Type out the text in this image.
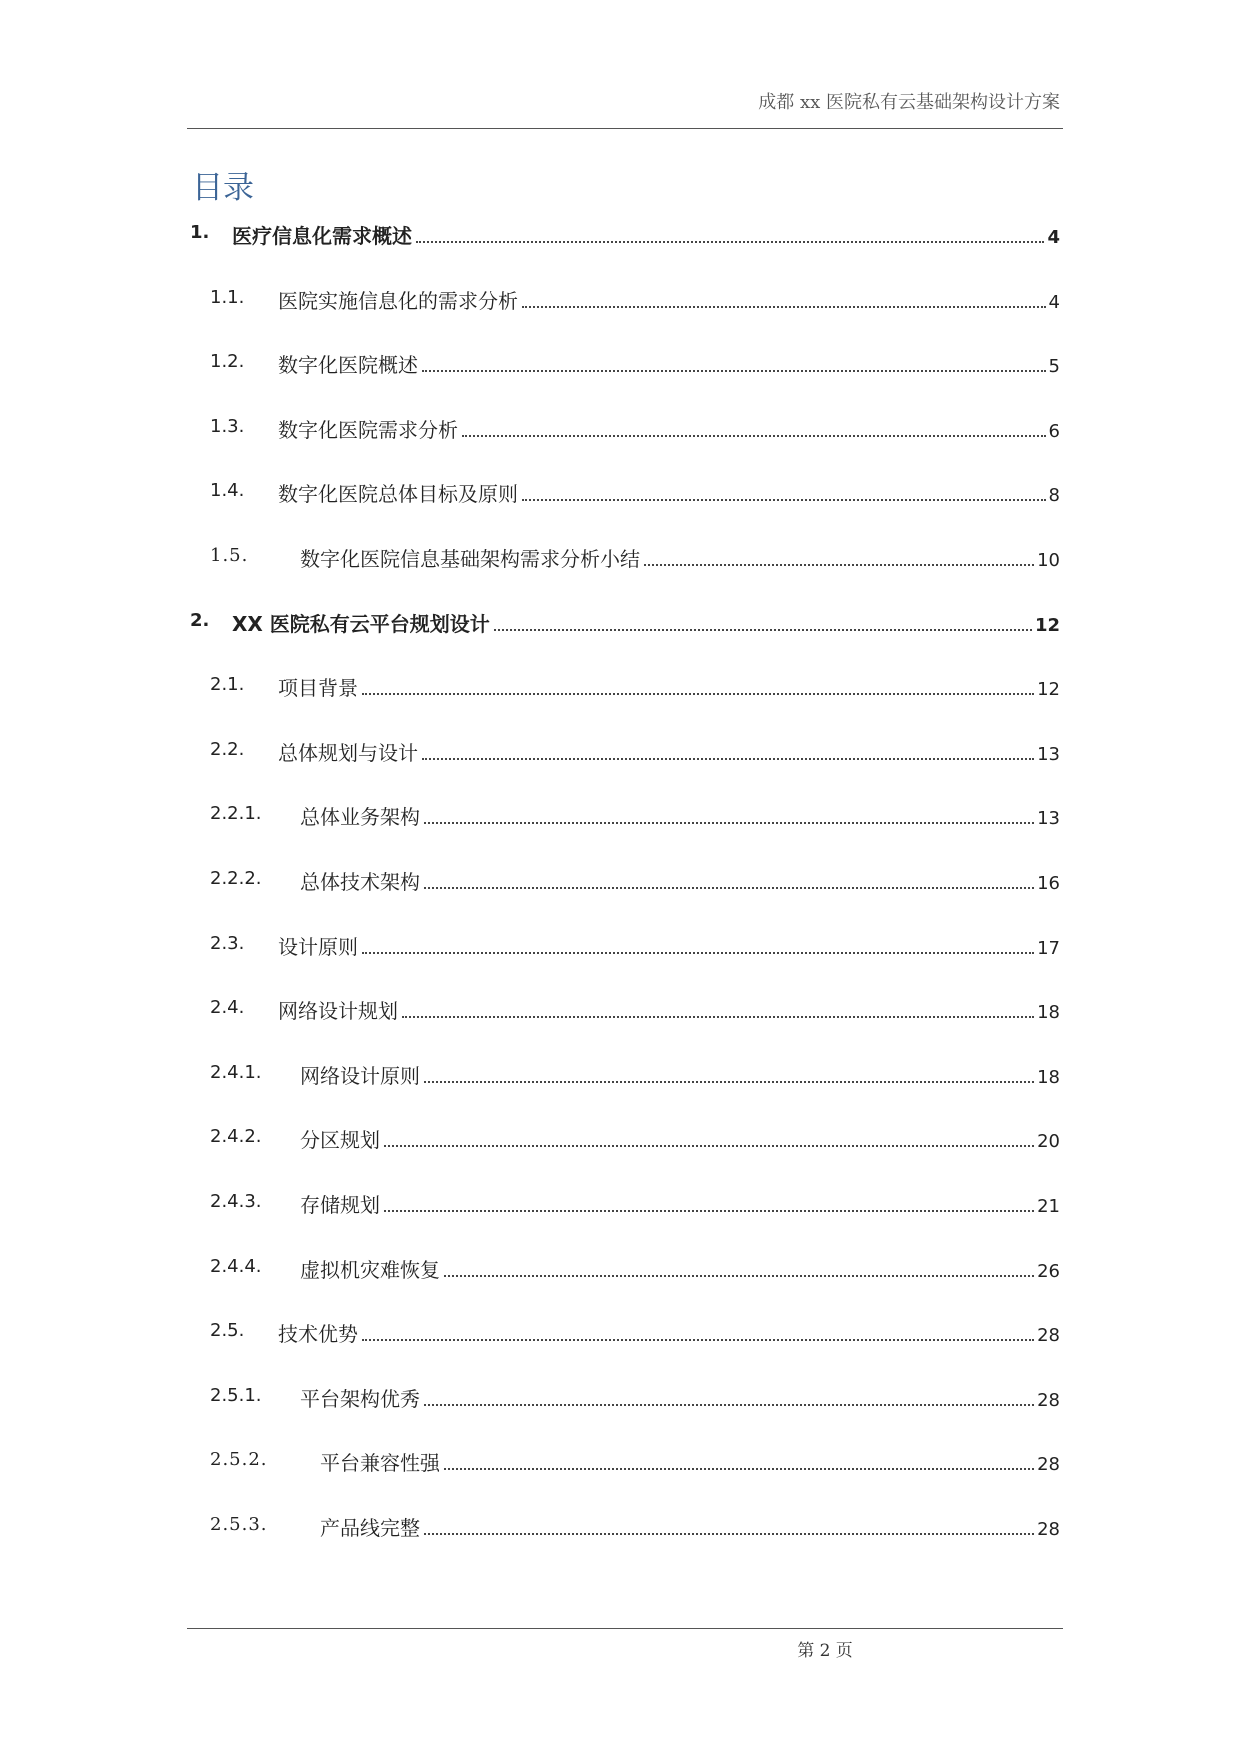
成都 xx 医院私有云基础架构设计方案
目录
1. 医疗信息化需求概述	4
1.1. 医院实施信息化的需求分析	4
1.2. 数字化医院概述	5
1.3. 数字化医院需求分析	6
1.4. 数字化医院总体目标及原则	8
1.5.	数字化医院信息基础架构需求分析小结	10
2. XX 医院私有云平台规划设计	12
2.1. 项目背景	12
2.2. 总体规划与设计	13
2.2.1. 总体业务架构	13
2.2.2. 总体技术架构	16
2.3. 设计原则	17
2.4. 网络设计规划	18
2.4.1. 网络设计原则	18
2.4.2. 分区规划	20
2.4.3. 存储规划	21
2.4.4. 虚拟机灾难恢复	26
2.5. 技术优势	28
2.5.1. 平台架构优秀	28
2.5.2.	平台兼容性强	28
2.5.3.	产品线完整	28
第 2 页
